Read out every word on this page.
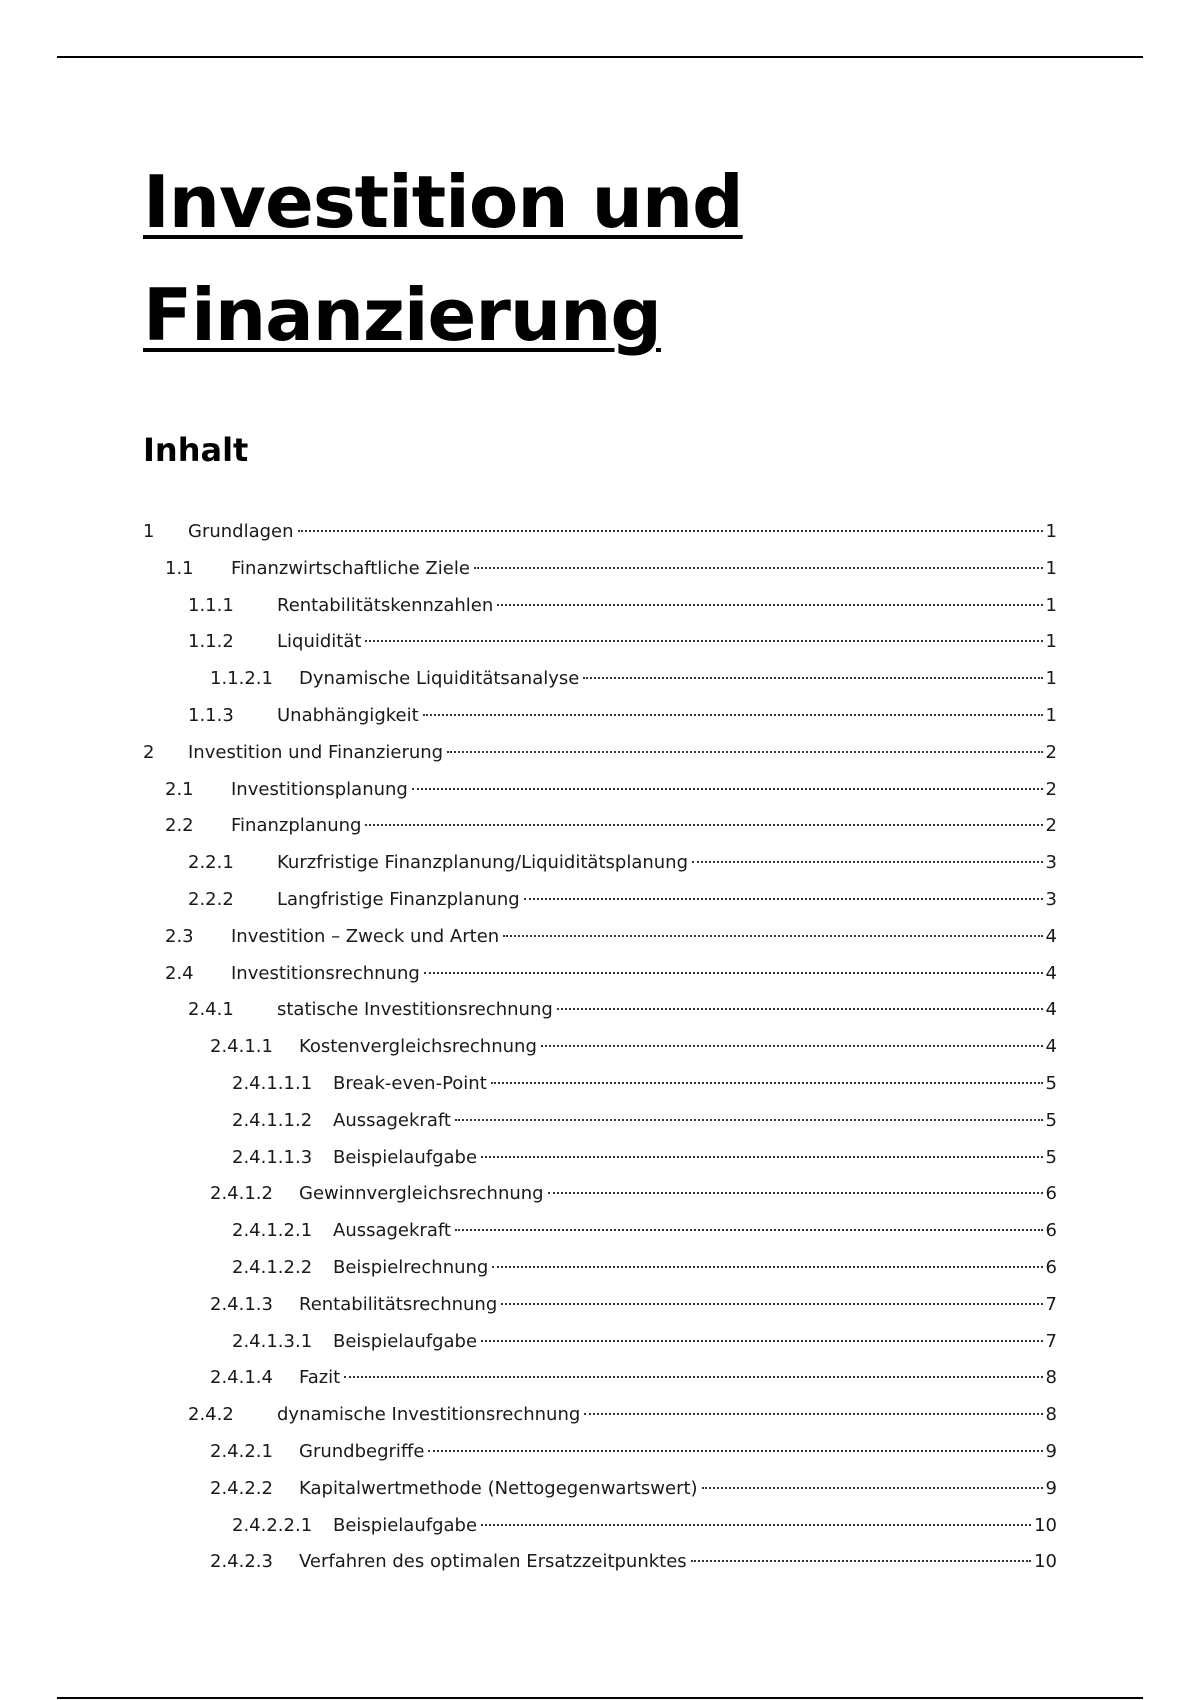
Investition und
Finanzierung
Inhalt
1	Grundlagen	1
1.1	Finanzwirtschaftliche Ziele	1
1.1.1	Rentabilitätskennzahlen	1
1.1.2	Liquidität	1
1.1.2.1	Dynamische Liquiditätsanalyse	1
1.1.3	Unabhängigkeit	1
2	Investition und Finanzierung	2
2.1	Investitionsplanung	2
2.2	Finanzplanung	2
2.2.1	Kurzfristige Finanzplanung/Liquiditätsplanung	3
2.2.2	Langfristige Finanzplanung	3
2.3	Investition – Zweck und Arten	4
2.4	Investitionsrechnung	4
2.4.1	statische Investitionsrechnung	4
2.4.1.1	Kostenvergleichsrechnung	4
2.4.1.1.1	Break-even-Point	5
2.4.1.1.2	Aussagekraft	5
2.4.1.1.3	Beispielaufgabe	5
2.4.1.2	Gewinnvergleichsrechnung	6
2.4.1.2.1	Aussagekraft	6
2.4.1.2.2	Beispielrechnung	6
2.4.1.3	Rentabilitätsrechnung	7
2.4.1.3.1	Beispielaufgabe	7
2.4.1.4	Fazit	8
2.4.2	dynamische Investitionsrechnung	8
2.4.2.1	Grundbegriffe	9
2.4.2.2	Kapitalwertmethode (Nettogegenwartswert)	9
2.4.2.2.1	Beispielaufgabe	10
2.4.2.3	Verfahren des optimalen Ersatzzeitpunktes	10
